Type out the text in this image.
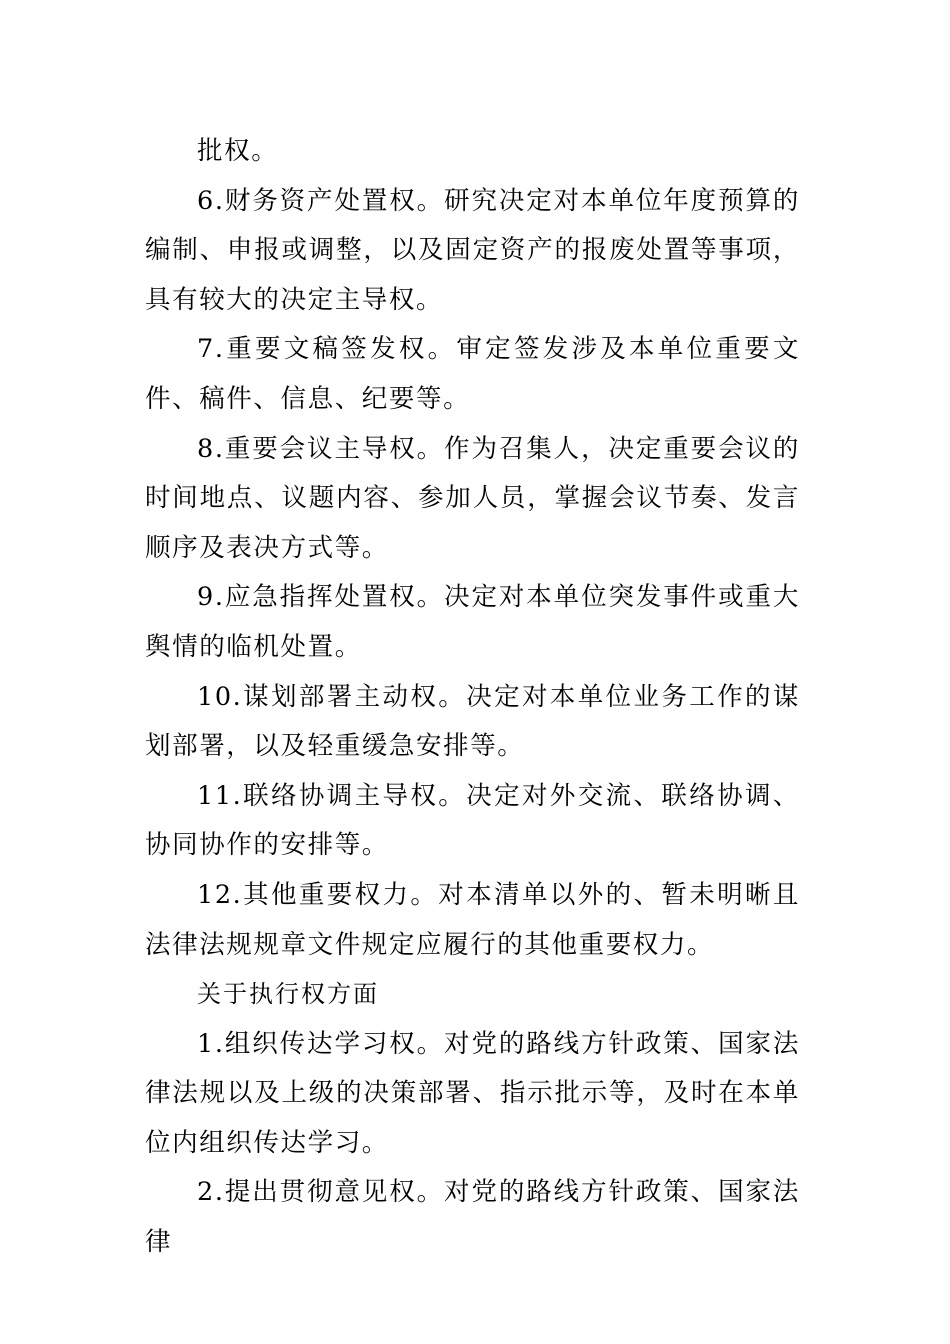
批权。

6.财务资产处置权。研究决定对本单位年度预算的编制、申报或调整，以及固定资产的报废处置等事项，具有较大的决定主导权。

7.重要文稿签发权。审定签发涉及本单位重要文件、稿件、信息、纪要等。

8.重要会议主导权。作为召集人，决定重要会议的时间地点、议题内容、参加人员，掌握会议节奏、发言顺序及表决方式等。

9.应急指挥处置权。决定对本单位突发事件或重大舆情的临机处置。

10.谋划部署主动权。决定对本单位业务工作的谋划部署，以及轻重缓急安排等。

11.联络协调主导权。决定对外交流、联络协调、协同协作的安排等。

12.其他重要权力。对本清单以外的、暂未明晰且法律法规规章文件规定应履行的其他重要权力。

关于执行权方面

1.组织传达学习权。对党的路线方针政策、国家法律法规以及上级的决策部署、指示批示等，及时在本单位内组织传达学习。

2.提出贯彻意见权。对党的路线方针政策、国家法律
